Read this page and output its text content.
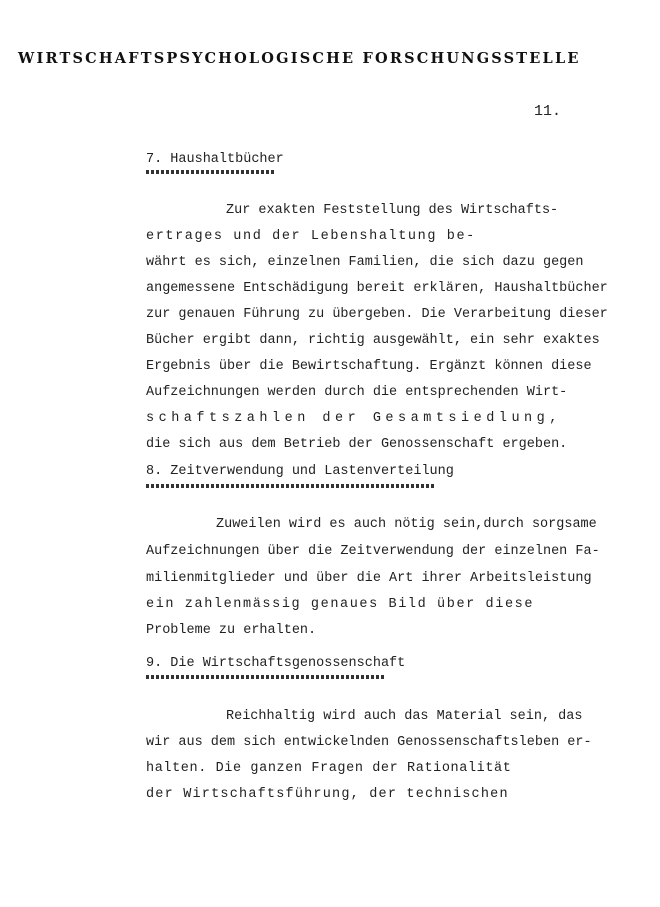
WIRTSCHAFTSPSYCHOLOGISCHE FORSCHUNGSSTELLE
11.
7. Haushaltbücher
Zur exakten Feststellung des Wirtschafts-
ertrages und der Lebenshaltung be-
währt es sich, einzelnen Familien, die sich dazu gegen
angemessene Entschädigung bereit erklären, Haushaltbücher
zur genauen Führung zu übergeben. Die Verarbeitung dieser
Bücher ergibt dann, richtig ausgewählt, ein sehr exaktes
Ergebnis über die Bewirtschaftung. Ergänzt können diese
Aufzeichnungen werden durch die entsprechenden Wirt-
schaftszahlen der Gesamtsiedlung,
die sich aus dem Betrieb der Genossenschaft ergeben.
8. Zeitverwendung und Lastenverteilung
Zuweilen wird es auch nötig sein,durch sorgsame
Aufzeichnungen über die Zeitverwendung der einzelnen Fa-
milienmitglieder und über die Art ihrer Arbeitsleistung
ein zahlenmässig genaues Bild über diese
Probleme zu erhalten.
9. Die Wirtschaftsgenossenschaft
Reichhaltig wird auch das Material sein, das
wir aus dem sich entwickelnden Genossenschaftsleben er-
halten. Die ganzen Fragen der Rationalität
der Wirtschaftsführung, der technischen
